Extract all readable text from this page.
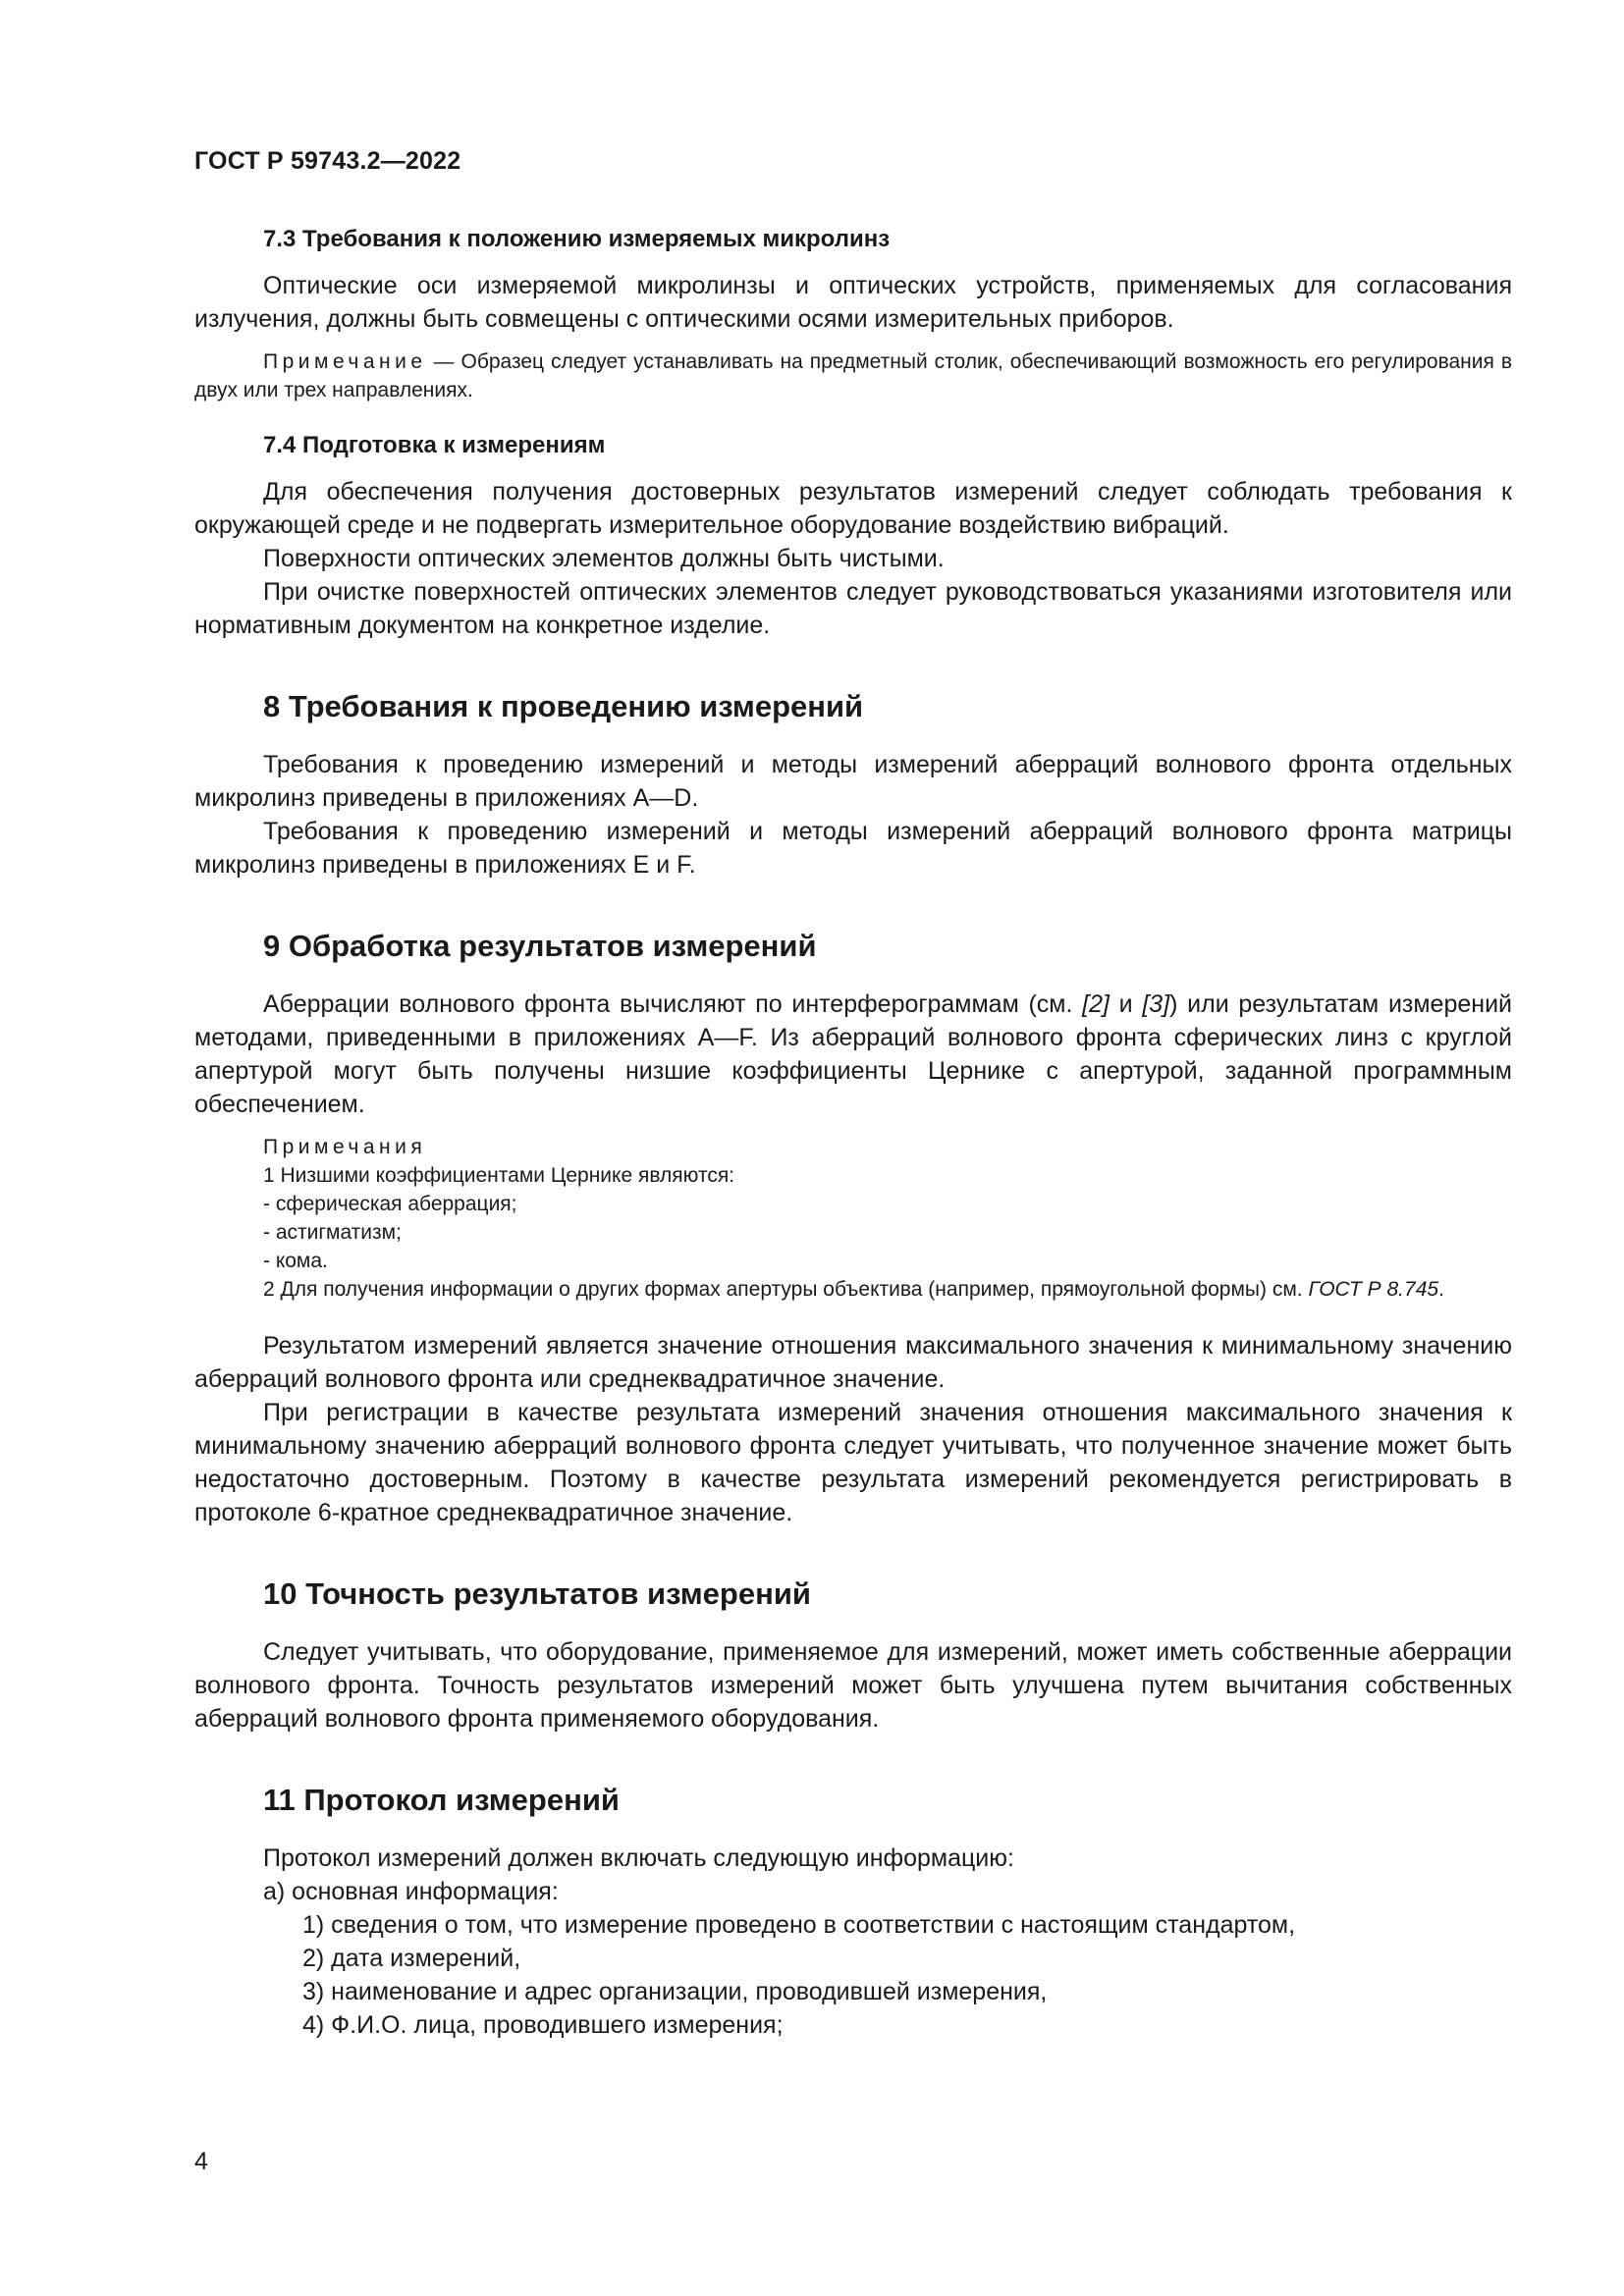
ГОСТ Р 59743.2—2022
7.3 Требования к положению измеряемых микролинз

Оптические оси измеряемой микролинзы и оптических устройств, применяемых для согласования излучения, должны быть совмещены с оптическими осями измерительных приборов.

Примечание — Образец следует устанавливать на предметный столик, обеспечивающий возможность его регулирования в двух или трех направлениях.

7.4 Подготовка к измерениям

Для обеспечения получения достоверных результатов измерений следует соблюдать требования к окружающей среде и не подвергать измерительное оборудование воздействию вибраций.

Поверхности оптических элементов должны быть чистыми.

При очистке поверхностей оптических элементов следует руководствоваться указаниями изготовителя или нормативным документом на конкретное изделие.

8 Требования к проведению измерений

Требования к проведению измерений и методы измерений аберраций волнового фронта отдельных микролинз приведены в приложениях A—D.

Требования к проведению измерений и методы измерений аберраций волнового фронта матрицы микролинз приведены в приложениях E и F.

9 Обработка результатов измерений

Аберрации волнового фронта вычисляют по интерферограммам (см. [2] и [3]) или результатам измерений методами, приведенными в приложениях A—F. Из аберраций волнового фронта сферических линз с круглой апертурой могут быть получены низшие коэффициенты Цернике с апертурой, заданной программным обеспечением.

Примечания

1 Низшими коэффициентами Цернике являются:

- сферическая аберрация;

- астигматизм;

- кома.

2 Для получения информации о других формах апертуры объектива (например, прямоугольной формы) см. ГОСТ Р 8.745.

Результатом измерений является значение отношения максимального значения к минимальному значению аберраций волнового фронта или среднеквадратичное значение.

При регистрации в качестве результата измерений значения отношения максимального значения к минимальному значению аберраций волнового фронта следует учитывать, что полученное значение может быть недостаточно достоверным. Поэтому в качестве результата измерений рекомендуется регистрировать в протоколе 6-кратное среднеквадратичное значение.

10 Точность результатов измерений

Следует учитывать, что оборудование, применяемое для измерений, может иметь собственные аберрации волнового фронта. Точность результатов измерений может быть улучшена путем вычитания собственных аберраций волнового фронта применяемого оборудования.

11 Протокол измерений

Протокол измерений должен включать следующую информацию:

а) основная информация:

1) сведения о том, что измерение проведено в соответствии с настоящим стандартом,

2) дата измерений,

3) наименование и адрес организации, проводившей измерения,

4) Ф.И.О. лица, проводившего измерения;

4
